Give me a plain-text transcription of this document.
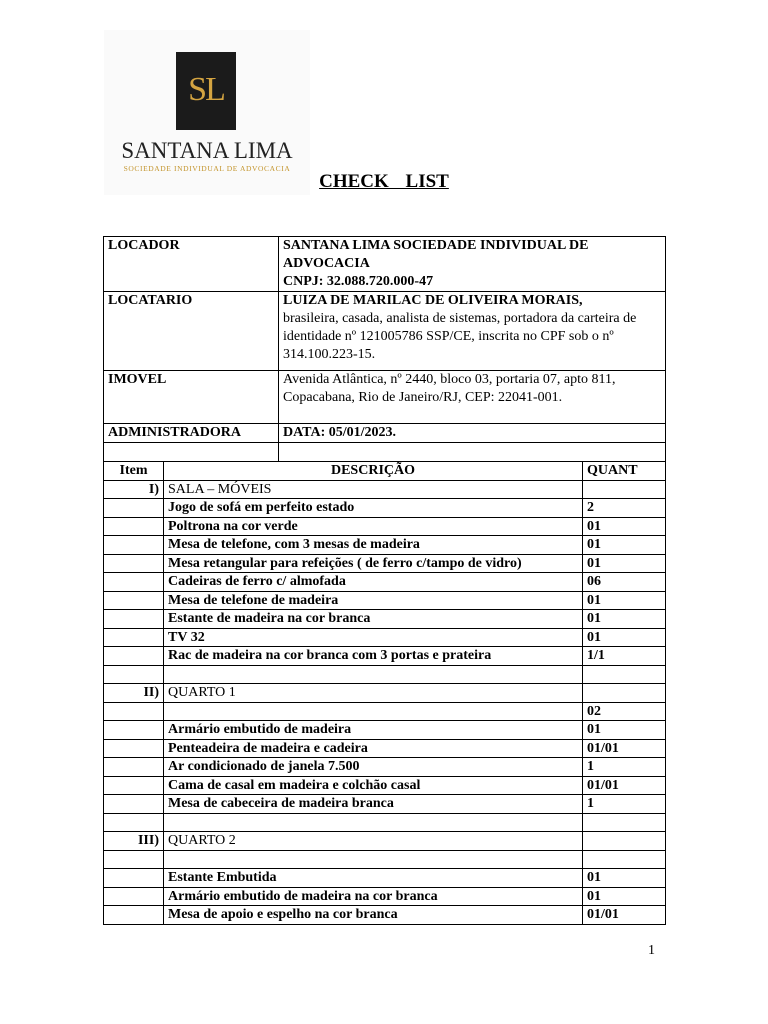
SL
SANTANA LIMA
SOCIEDADE INDIVIDUAL DE ADVOCACIA
CHECK LIST
LOCADOR	SANTANA LIMA SOCIEDADE INDIVIDUAL DE ADVOCACIA
CNPJ: 32.088.720.000-47

LOCATARIO	LUIZA DE MARILAC DE OLIVEIRA MORAIS,
brasileira, casada, analista de sistemas, portadora da carteira de identidade nº 121005786 SSP/CE, inscrita no CPF sob o nº 314.100.223-15.

IMOVEL	Avenida Atlântica, nº 2440, bloco 03, portaria 07, apto 811, Copacabana, Rio de Janeiro/RJ, CEP: 22041-001.
ADMINISTRADORA	DATA: 05/01/2023.

Item	DESCRIÇÃO	QUANT
I)	SALA – MÓVEIS	
	Jogo de sofá em perfeito estado	2
	Poltrona na cor verde	01
	Mesa de telefone, com 3 mesas de madeira	01
	Mesa retangular para refeições ( de ferro c/tampo de vidro)	01
	Cadeiras de ferro c/ almofada	06
	Mesa de telefone de madeira	01
	Estante de madeira na cor branca	01
	TV 32	01
	Rac de madeira na cor branca com 3 portas e prateira	1/1

II)	QUARTO 1	
		02
	Armário embutido de madeira	01
	Penteadeira de madeira e cadeira	01/01
	Ar condicionado de janela 7.500	1
	Cama de casal em madeira e colchão casal	01/01
	Mesa de cabeceira de madeira branca	1

III)	QUARTO 2	

	Estante Embutida	01
	Armário embutido de madeira na cor branca	01
	Mesa de apoio e espelho na cor branca	01/01
1
